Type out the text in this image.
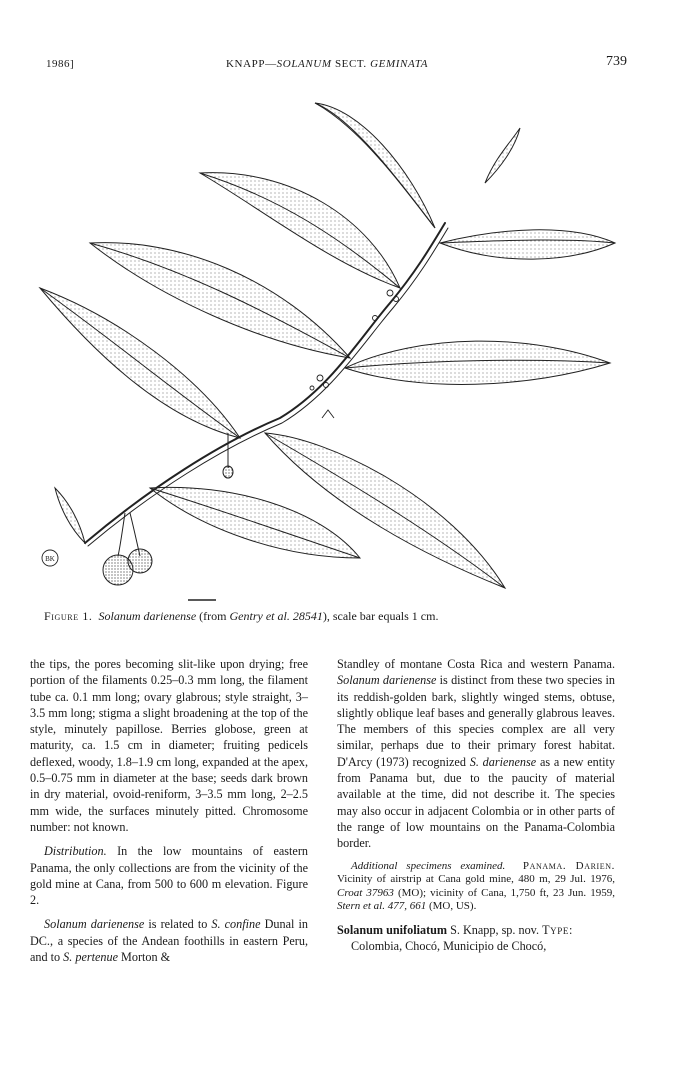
1986]	KNAPP—SOLANUM SECT. GEMINATA	739
BK
Figure 1. Solanum darienense (from Gentry et al. 28541), scale bar equals 1 cm.

the tips, the pores becoming slit-like upon drying; free portion of the filaments 0.25–0.3 mm long, the filament tube ca. 0.1 mm long; ovary glabrous; style straight, 3–3.5 mm long; stigma a slight broadening at the top of the style, minutely papillose. Berries globose, green at maturity, ca. 1.5 cm in diameter; fruiting pedicels deflexed, woody, 1.8–1.9 cm long, expanded at the apex, 0.5–0.75 mm in diameter at the base; seeds dark brown in dry material, ovoid-reniform, 3–3.5 mm long, 2–2.5 mm wide, the surfaces minutely pitted. Chromosome number: not known.

Distribution. In the low mountains of eastern Panama, the only collections are from the vicinity of the gold mine at Cana, from 500 to 600 m elevation. Figure 2.

Solanum darienense is related to S. confine Dunal in DC., a species of the Andean foothills in eastern Peru, and to S. pertenue Morton &

Standley of montane Costa Rica and western Panama. Solanum darienense is distinct from these two species in its reddish-golden bark, slightly winged stems, obtuse, slightly oblique leaf bases and generally glabrous leaves. The members of this species complex are all very similar, perhaps due to their primary forest habitat. D'Arcy (1973) recognized S. darienense as a new entity from Panama but, due to the paucity of material available at the time, did not describe it. The species may also occur in adjacent Colombia or in other parts of the range of low mountains on the Panama-Colombia border.

Additional specimens examined. Panama. Darien. Vicinity of airstrip at Cana gold mine, 480 m, 29 Jul. 1976, Croat 37963 (MO); vicinity of Cana, 1,750 ft, 23 Jun. 1959, Stern et al. 477, 661 (MO, US).

Solanum unifoliatum S. Knapp, sp. nov. Type:

Colombia, Chocó, Municipio de Chocó,
